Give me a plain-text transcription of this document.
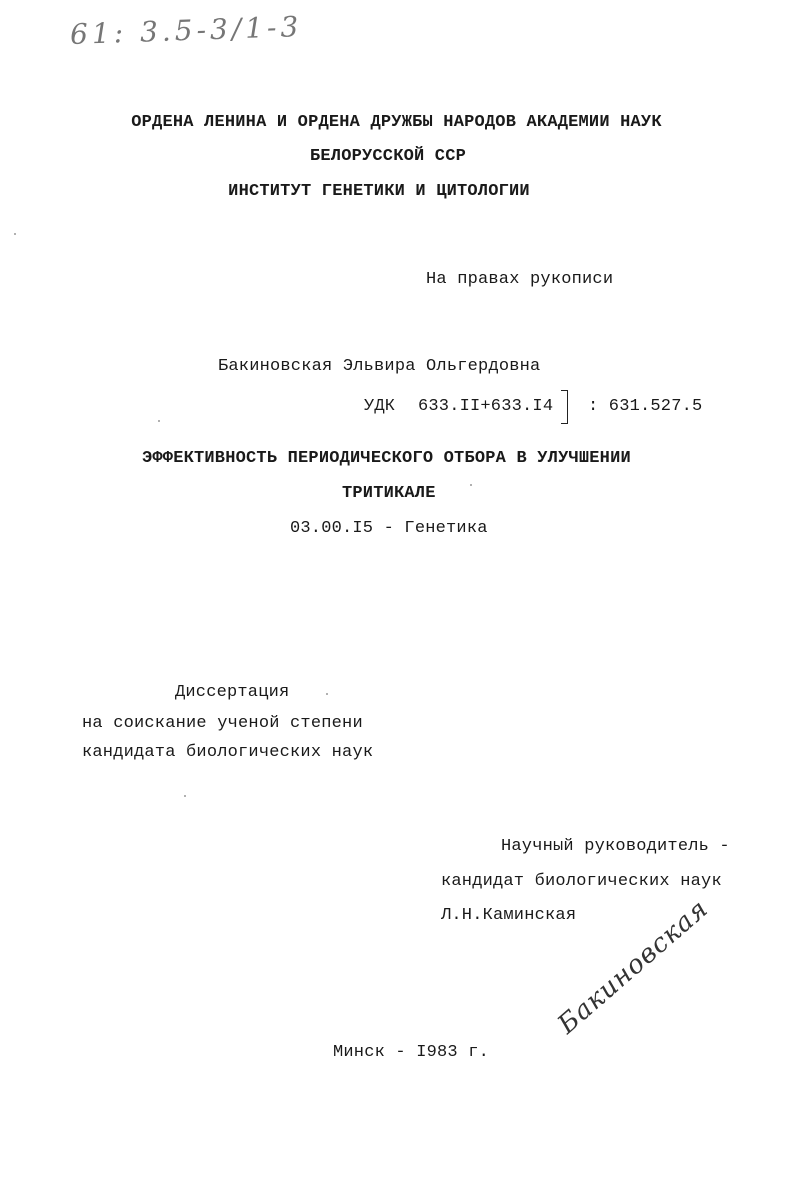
61: 3.5-3/1-3
ОРДЕНА ЛЕНИНА И ОРДЕНА ДРУЖБЫ НАРОДОВ АКАДЕМИИ НАУК
БЕЛОРУССКОЙ ССР
ИНСТИТУТ ГЕНЕТИКИ И ЦИТОЛОГИИ
На правах рукописи
Бакиновская Эльвира Ольгердовна
УДК 633.II+633.I4 : 631.527.5
ЭФФЕКТИВНОСТЬ ПЕРИОДИЧЕСКОГО ОТБОРА В УЛУЧШЕНИИ
ТРИТИКАЛЕ
03.00.I5 - Генетика
Диссертация
на соискание ученой степени
кандидата биологических наук
Научный руководитель -
кандидат биологических наук
Л.Н.Каминская
Минск - I983 г.
Бакиновская
